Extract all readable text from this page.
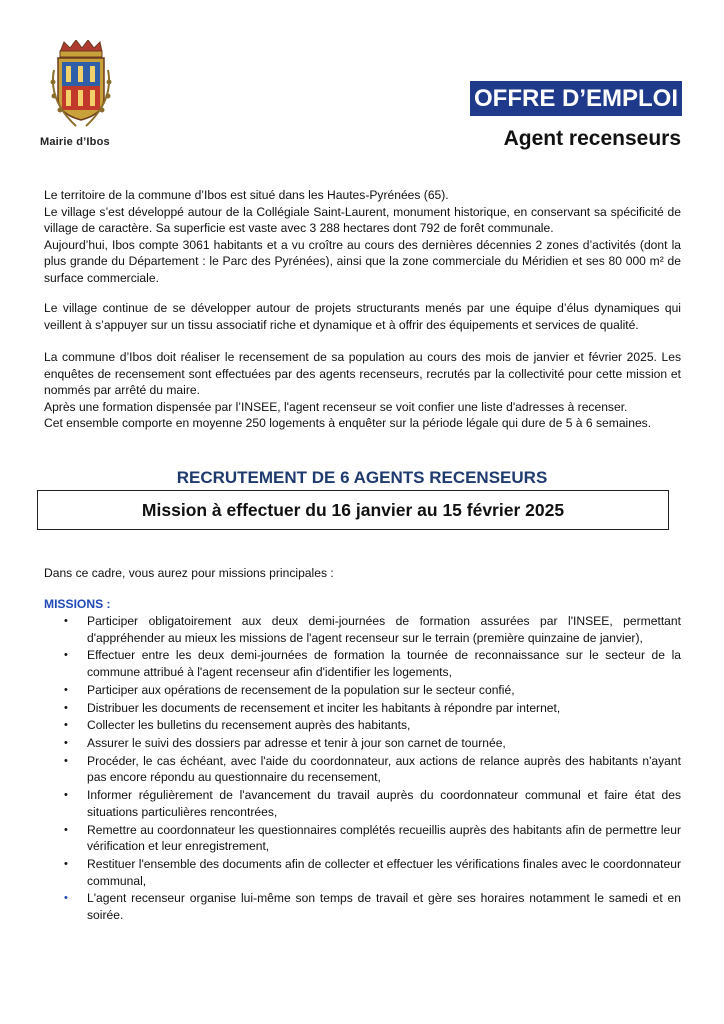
Mairie d’Ibos
OFFRE D’EMPLOI
Agent recenseurs

Le territoire de la commune d’Ibos est situé dans les Hautes-Pyrénées (65).

Le village s’est développé autour de la Collégiale Saint-Laurent, monument historique, en conservant sa spécificité de village de caractère. Sa superficie est vaste avec 3 288 hectares dont 792 de forêt communale.

Aujourd’hui, Ibos compte 3061 habitants et a vu croître au cours des dernières décennies 2 zones d’activités (dont la plus grande du Département : le Parc des Pyrénées), ainsi que la zone commerciale du Méridien et ses 80 000 m² de surface commerciale.

Le village continue de se développer autour de projets structurants menés par une équipe d’élus dynamiques qui veillent à s’appuyer sur un tissu associatif riche et dynamique et à offrir des équipements et services de qualité.

La commune d’Ibos doit réaliser le recensement de sa population au cours des mois de janvier et février 2025. Les enquêtes de recensement sont effectuées par des agents recenseurs, recrutés par la collectivité pour cette mission et nommés par arrêté du maire.

Après une formation dispensée par l’INSEE, l'agent recenseur se voit confier une liste d'adresses à recenser.

Cet ensemble comporte en moyenne 250 logements à enquêter sur la période légale qui dure de 5 à 6 semaines.

RECRUTEMENT DE 6 AGENTS RECENSEURS
Mission à effectuer du 16 janvier au 15 février 2025
Dans ce cadre, vous aurez pour missions principales :
MISSIONS :
• Participer obligatoirement aux deux demi-journées de formation assurées par l'INSEE, permettant d'appréhender au mieux les missions de l'agent recenseur sur le terrain (première quinzaine de janvier),
• Effectuer entre les deux demi-journées de formation la tournée de reconnaissance sur le secteur de la commune attribué à l'agent recenseur afin d'identifier les logements,
• Participer aux opérations de recensement de la population sur le secteur confié,
• Distribuer les documents de recensement et inciter les habitants à répondre par internet,
• Collecter les bulletins du recensement auprès des habitants,
• Assurer le suivi des dossiers par adresse et tenir à jour son carnet de tournée,
• Procéder, le cas échéant, avec l'aide du coordonnateur, aux actions de relance auprès des habitants n'ayant pas encore répondu au questionnaire du recensement,
• Informer régulièrement de l'avancement du travail auprès du coordonnateur communal et faire état des situations particulières rencontrées,
• Remettre au coordonnateur les questionnaires complétés recueillis auprès des habitants afin de permettre leur vérification et leur enregistrement,
• Restituer l'ensemble des documents afin de collecter et effectuer les vérifications finales avec le coordonnateur communal,
• L'agent recenseur organise lui-même son temps de travail et gère ses horaires notamment le samedi et en soirée.
